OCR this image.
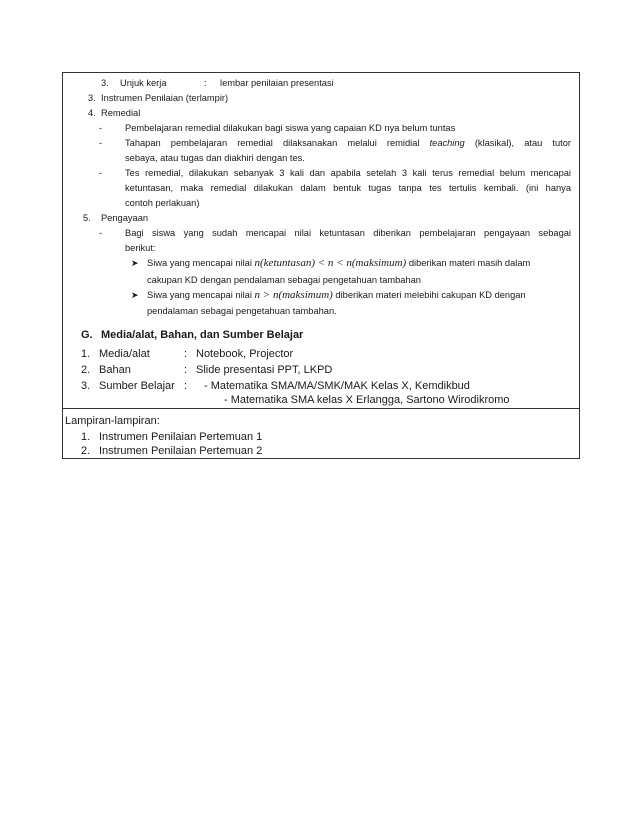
3. Unjuk kerja	: lembar penilaian presentasi
3. Instrumen Penilaian (terlampir)
4. Remedial
- Pembelajaran remedial dilakukan bagi siswa yang capaian KD nya belum tuntas
- Tahapan pembelajaran remedial dilaksanakan melalui remidial teaching (klasikal), atau tutor
sebaya, atau tugas dan diakhiri dengan tes.
- Tes remedial, dilakukan sebanyak 3 kali dan apabila setelah 3 kali terus remedial belum mencapai
ketuntasan, maka remedial dilakukan dalam bentuk tugas tanpa tes tertulis kembali. (ini hanya
contoh perlakuan)
5. Pengayaan
- Bagi siswa yang sudah mencapai nilai ketuntasan diberikan pembelajaran pengayaan sebagai
berikut:
➤ Siwa yang mencapai nilai n(ketuntasan) < n < n(maksimum) diberikan materi masih dalam
cakupan KD dengan pendalaman sebagai pengetahuan tambahan
➤ Siwa yang mencapai nilai n > n(maksimum) diberikan materi melebihi cakupan KD dengan
pendalaman sebagai pengetahuan tambahan.
G. Media/alat, Bahan, dan Sumber Belajar
1. Media/alat	: Notebook, Projector
2. Bahan	: Slide presentasi PPT, LKPD
3. Sumber Belajar : - Matematika SMA/MA/SMK/MAK Kelas X, Kemdikbud
- Matematika SMA kelas X Erlangga, Sartono Wirodikromo
Lampiran-lampiran:
1. Instrumen Penilaian Pertemuan 1
2. Instrumen Penilaian Pertemuan 2
